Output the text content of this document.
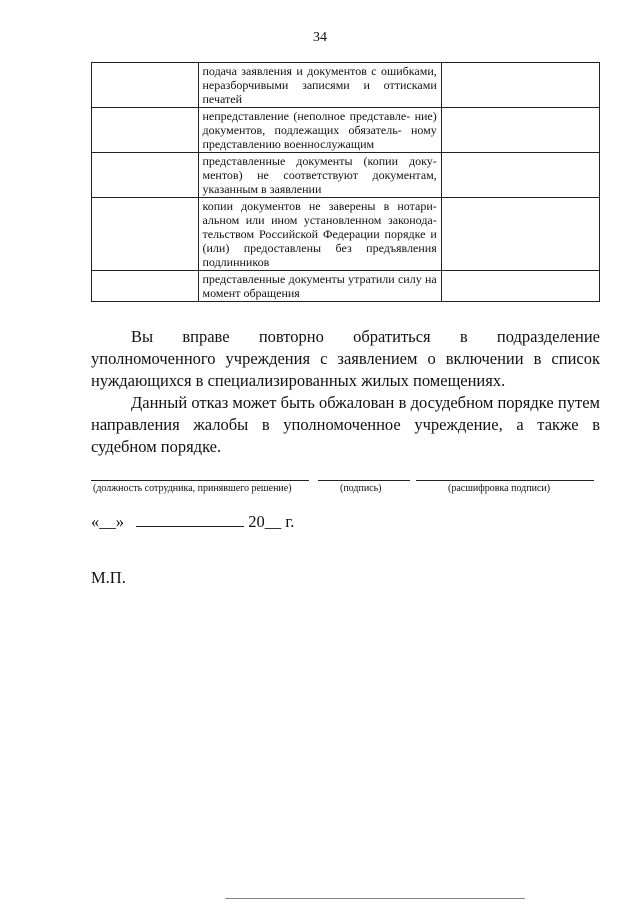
34
	подача заявления и документов с ошибками, неразборчивыми записями и оттисками печатей	
	непредставление (неполное представле- ние) документов, подлежащих обязатель- ному представлению военнослужащим	
	представленные документы (копии доку- ментов) не соответствуют документам, указанным в заявлении	
	копии документов не заверены в нотари- альном или ином установленном законода- тельством Российской Федерации порядке и (или) предоставлены без предъявления подлинников	
	представленные документы утратили силу на момент обращения	
Вы вправе повторно обратиться в подразделение уполномоченного учреждения с заявлением о включении в список нуждающихся в специализированных жилых помещениях.
Данный отказ может быть обжалован в досудебном порядке путем направления жалобы в уполномоченное учреждение, а также в судебном порядке.
(должность сотрудника, принявшего решение)	(подпись)	(расшифровка подписи)
«__»	20__ г.
М.П.
